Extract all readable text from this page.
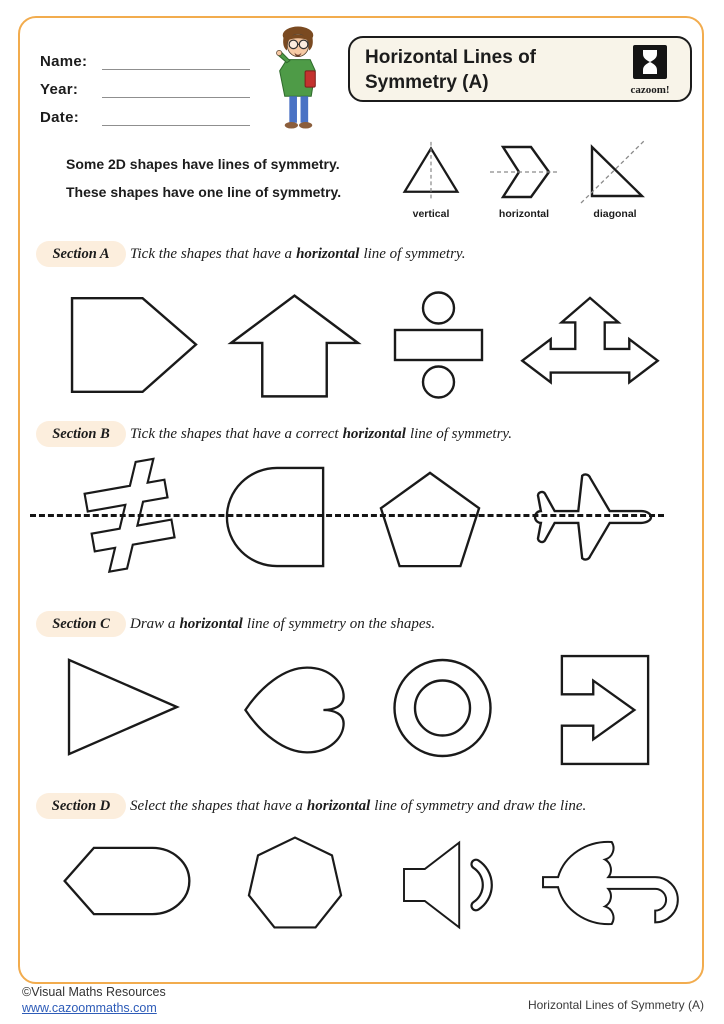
Name:
Year:
Date:
Horizontal Lines of
Symmetry (A)	cazoom!
Some 2D shapes have lines of symmetry.
These shapes have one line of symmetry.
vertical	horizontal	diagonal
Section A	Tick the shapes that have a horizontal line of symmetry.
Section B	Tick the shapes that have a correct horizontal line of symmetry.
Section C	Draw a horizontal line of symmetry on the shapes.
Section D	Select the shapes that have a horizontal line of symmetry and draw the line.
©Visual Maths Resources
www.cazoommaths.com	Horizontal Lines of Symmetry (A)
